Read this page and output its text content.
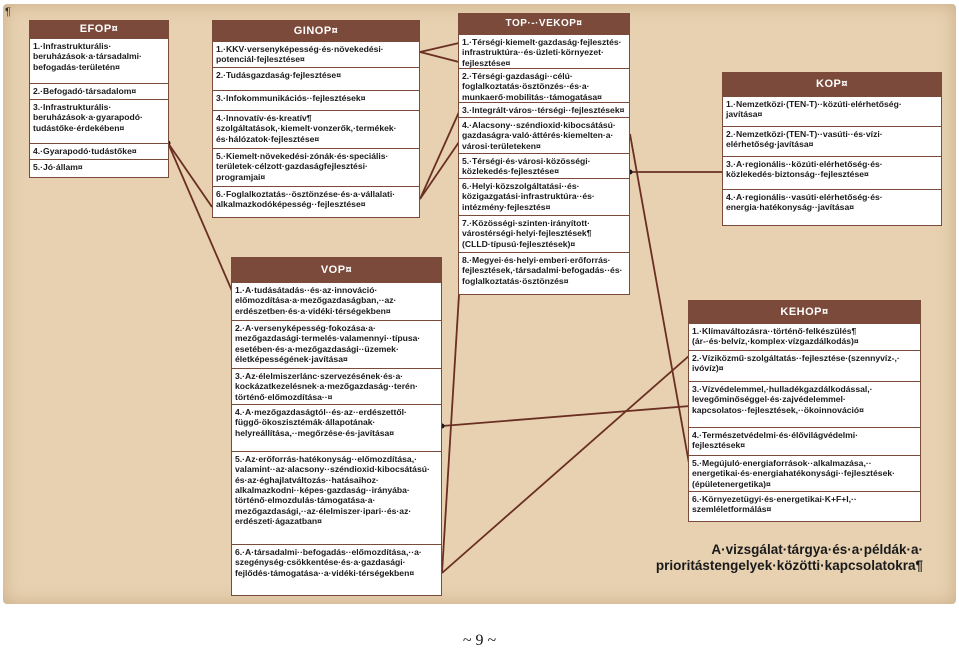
¶
EFOP¤
1.·Infrastrukturális·
beruházások·a·társadalmi·
befogadás·területén¤
2.·Befogadó·társadalom¤
3.·Infrastrukturális·
beruházások·a·gyarapodó·
tudástőke·érdekében¤
4.·Gyarapodó·tudástőke¤
5.·Jó·állam¤
GINOP¤
1.·KKV·versenyképesség·és·növekedési·
potenciál·fejlesztése¤
2.·Tudásgazdaság·fejlesztése¤
3.·Infokommunikációs··fejlesztések¤
4.·Innovatív·és·kreatív¶
szolgáltatások,·kiemelt·vonzerők,·termékek·
és·hálózatok·fejlesztése¤
5.·Kiemelt·növekedési·zónák·és·speciális·
területek·célzott·gazdaságfejlesztési·
programjai¤
6.·Foglalkoztatás··ösztönzése·és·a·vállalati·
alkalmazkodóképesség··fejlesztése¤
TOP·-·VEKOP¤
1.·Térségi·kiemelt·gazdaság·fejlesztés·
infrastruktúra··és·üzleti·környezet·
fejlesztése¤
2.·Térségi·gazdasági··célú·
foglalkoztatás·ösztönzés··és·a·
munkaerő·mobilitás··támogatása¤
3.·Integrált·város··térségi··fejlesztések¤
4.·Alacsony··széndioxid·kibocsátású·
gazdaságra·való·áttérés·kiemelten·a·
városi·területeken¤
5.·Térségi·és·városi·közösségi·
közlekedés·fejlesztése¤
6.·Helyi·közszolgáltatási··és·
közigazgatási·infrastruktúra··és·
intézmény·fejlesztés¤
7.·Közösségi·szinten·irányított·
várostérségi·helyi·fejlesztések¶
(CLLD·típusú·fejlesztések)¤
8.·Megyei·és·helyi·emberi·erőforrás·
fejlesztések,·társadalmi·befogadás··és·
foglalkoztatás·ösztönzés¤
KOP¤
1.·Nemzetközi·(TEN-T)··közúti·elérhetőség·
javítása¤
2.·Nemzetközi·(TEN-T)··vasúti··és·vízi·
elérhetőség·javítása¤
3.·A·regionális··közúti·elérhetőség·és·
közlekedés·biztonság··fejlesztése¤
4.·A·regionális··vasúti·elérhetőség·és·
energia·hatékonyság··javítása¤
VOP¤
1.·A·tudásátadás··és·az·innováció·
előmozdítása·a·mezőgazdaságban,··az·
erdészetben·és·a·vidéki·térségekben¤
2.·A·versenyképesség·fokozása·a·
mezőgazdasági·termelés·valamennyi··típusa·
esetében·és·a·mezőgazdasági··üzemek·
életképességének·javítása¤
3.·Az·élelmiszerlánc·szervezésének·és·a·
kockázatkezelésnek·a·mezőgazdaság··terén·
történő·előmozdítása··¤
4.·A·mezőgazdaságtól··és·az··erdészettől·
függő·ökoszisztémák·állapotának·
helyreállítása,··megőrzése·és·javítása¤
5.·Az·erőforrás·hatékonyság··előmozdítása,·
valamint··az·alacsony··széndioxid·kibocsátású·
és·az·éghajlatváltozás··hatásaihoz·
alkalmazkodni··képes·gazdaság··irányába·
történő·elmozdulás·támogatása·a·
mezőgazdasági,··az·élelmiszer·ipari··és·az·
erdészeti·ágazatban¤
6.·A·társadalmi··befogadás··előmozdítása,··a·
szegénység·csökkentése·és·a·gazdasági·
fejlődés·támogatása··a·vidéki·térségekben¤
KEHOP¤
1.·Klímaváltozásra··történő·felkészülés¶
(ár-·és·belvíz,·komplex·vízgazdálkodás)¤
2.·Víziközmű·szolgáltatás··fejlesztése·(szennyvíz-,·
ivóvíz)¤
3.·Vízvédelemmel,·hulladékgazdálkodással,·
levegőminőséggel·és·zajvédelemmel·
kapcsolatos··fejlesztések,··ökoinnováció¤
4.·Természetvédelmi·és·élővilágvédelmi·
fejlesztések¤
5.·Megújuló·energiaforrások··alkalmazása,··
energetikai·és·energiahatékonysági··fejlesztések·
(épületenergetika)¤
6.·Környezetügyi·és·energetikai·K+F+I,··
szemléletformálás¤
A·vizsgálat·tárgya·és·a·példák·a·
prioritástengelyek·közötti·kapcsolatokra¶
~ 9 ~
